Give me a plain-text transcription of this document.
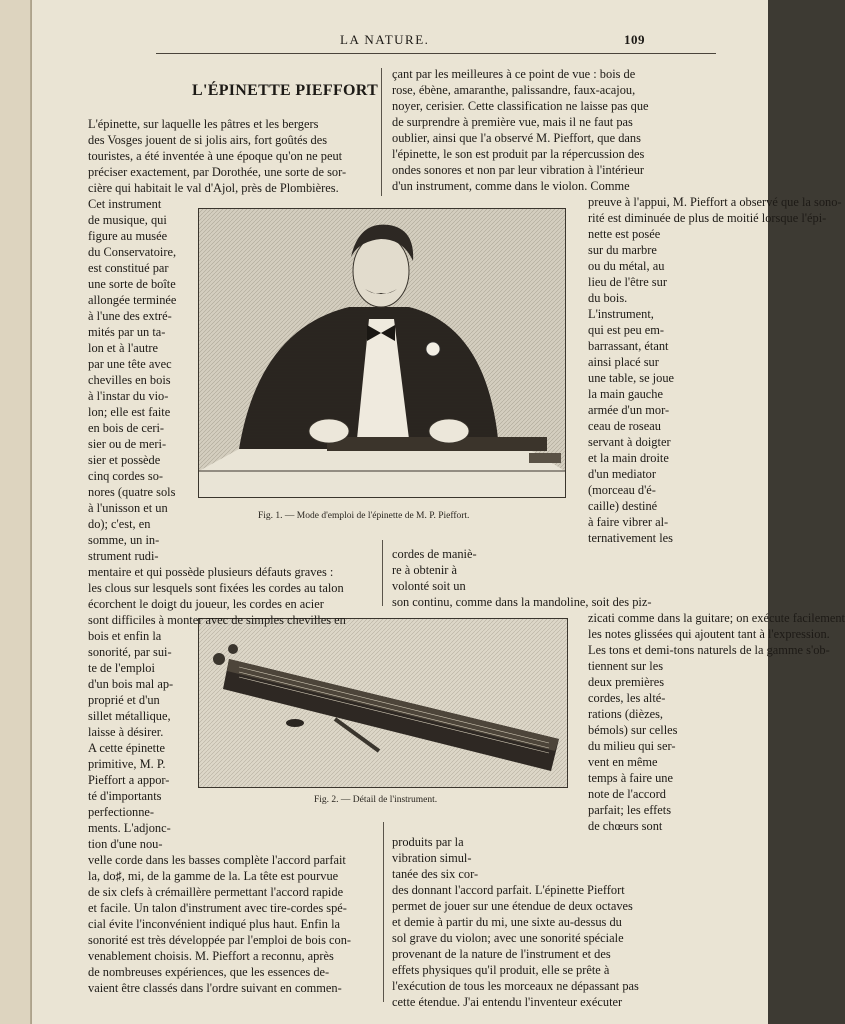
LA NATURE.	109
L'ÉPINETTE PIEFFORT
Fig. 1. — Mode d'emploi de l'épinette de M. P. Pieffort.
Fig. 2. — Détail de l'instrument.
L'épinette, sur laquelle les pâtres et les bergers
des Vosges jouent de si jolis airs, fort goûtés des
touristes, a été inventée à une époque qu'on ne peut
préciser exactement, par Dorothée, une sorte de sor-
cière qui habitait le val d'Ajol, près de Plombières.
Cet instrument
de musique, qui
figure au musée
du Conservatoire,
est constitué par
une sorte de boîte
allongée terminée
à l'une des extré-
mités par un ta-
lon et à l'autre
par une tête avec
chevilles en bois
à l'instar du vio-
lon; elle est faite
en bois de ceri-
sier ou de meri-
sier et possède
cinq cordes so-
nores (quatre sols
à l'unisson et un
do); c'est, en
somme, un in-
strument rudi-
mentaire et qui possède plusieurs défauts graves :
les clous sur lesquels sont fixées les cordes au talon
écorchent le doigt du joueur, les cordes en acier
sont difficiles à monter avec de simples chevilles en
bois et enfin la
sonorité, par sui-
te de l'emploi
d'un bois mal ap-
proprié et d'un
sillet métallique,
laisse à désirer.
A cette épinette
primitive, M. P.
Pieffort a appor-
té d'importants
perfectionne-
ments. L'adjonc-
tion d'une nou-
velle corde dans les basses complète l'accord parfait
la, do♯, mi, de la gamme de la. La tête est pourvue
de six clefs à crémaillère permettant l'accord rapide
et facile. Un talon d'instrument avec tire-cordes spé-
cial évite l'inconvénient indiqué plus haut. Enfin la
sonorité est très développée par l'emploi de bois con-
venablement choisis. M. Pieffort a reconnu, après
de nombreuses expériences, que les essences de-
vaient être classés dans l'ordre suivant en commen-
çant par les meilleures à ce point de vue : bois de
rose, ébène, amaranthe, palissandre, faux-acajou,
noyer, cerisier. Cette classification ne laisse pas que
de surprendre à première vue, mais il ne faut pas
oublier, ainsi que l'a observé M. Pieffort, que dans
l'épinette, le son est produit par la répercussion des
ondes sonores et non par leur vibration à l'intérieur
d'un instrument, comme dans le violon. Comme
preuve à l'appui, M. Pieffort a observé que la sono-
rité est diminuée de plus de moitié lorsque l'épi-
nette est posée
sur du marbre
ou du métal, au
lieu de l'être sur
du bois.
L'instrument,
qui est peu em-
barrassant, étant
ainsi placé sur
une table, se joue
la main gauche
armée d'un mor-
ceau de roseau
servant à doigter
et la main droite
d'un mediator
(morceau d'é-
caille) destiné
à faire vibrer al-
ternativement les
cordes de maniè-
re à obtenir à
volonté soit un
son continu, comme dans la mandoline, soit des piz-
zicati comme dans la guitare; on exécute facilement
les notes glissées qui ajoutent tant à l'expression.
Les tons et demi-tons naturels de la gamme s'ob-
tiennent sur les
deux premières
cordes, les alté-
rations (dièzes,
bémols) sur celles
du milieu qui ser-
vent en même
temps à faire une
note de l'accord
parfait; les effets
de chœurs sont
produits par la
vibration simul-
tanée des six cor-
des donnant l'accord parfait. L'épinette Pieffort
permet de jouer sur une étendue de deux octaves
et demie à partir du mi, une sixte au-dessus du
sol grave du violon; avec une sonorité spéciale
provenant de la nature de l'instrument et des
effets physiques qu'il produit, elle se prête à
l'exécution de tous les morceaux ne dépassant pas
cette étendue. J'ai entendu l'inventeur exécuter
